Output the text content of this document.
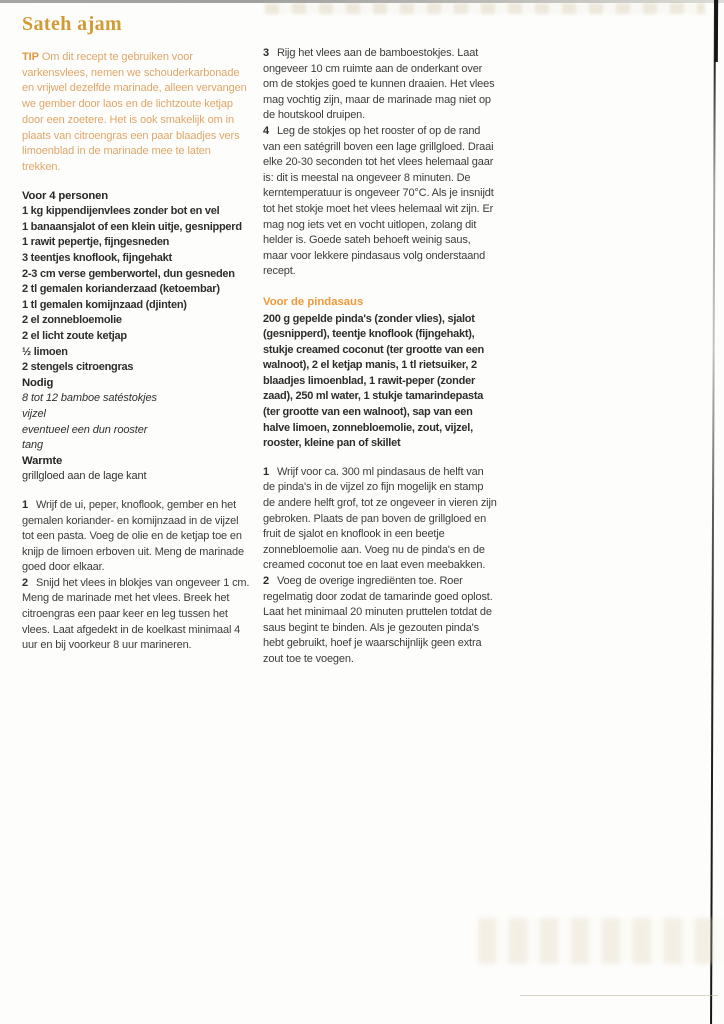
Sateh ajam
TIP Om dit recept te gebruiken voor varkensvlees, nemen we schouderkarbonade en vrijwel dezelfde marinade, alleen vervangen we gember door laos en de lichtzoute ketjap door een zoetere. Het is ook smakelijk om in plaats van citroengras een paar blaadjes vers limoenblad in de marinade mee te laten trekken.
Voor 4 personen
1 kg kippendijenvlees zonder bot en vel
1 banaansjalot of een klein uitje, gesnipperd
1 rawit pepertje, fijngesneden
3 teentjes knoflook, fijngehakt
2-3 cm verse gemberwortel, dun gesneden
2 tl gemalen korianderzaad (ketoembar)
1 tl gemalen komijnzaad (djinten)
2 el zonnebloemolie
2 el licht zoute ketjap
½ limoen
2 stengels citroengras
Nodig
8 tot 12 bamboe satéstokjes
vijzel
eventueel een dun rooster
tang
Warmte
grillgloed aan de lage kant

1 Wrijf de ui, peper, knoflook, gember en het gemalen koriander- en komijnzaad in de vijzel tot een pasta. Voeg de olie en de ketjap toe en knijp de limoen erboven uit. Meng de marinade goed door elkaar.

2 Snijd het vlees in blokjes van ongeveer 1 cm. Meng de marinade met het vlees. Breek het citroengras een paar keer en leg tussen het vlees. Laat afgedekt in de koelkast minimaal 4 uur en bij voorkeur 8 uur marineren.

3 Rijg het vlees aan de bamboestokjes. Laat ongeveer 10 cm ruimte aan de onderkant over om de stokjes goed te kunnen draaien. Het vlees mag vochtig zijn, maar de marinade mag niet op de houtskool druipen.

4 Leg de stokjes op het rooster of op de rand van een satégrill boven een lage grillgloed. Draai elke 20-30 seconden tot het vlees helemaal gaar is: dit is meestal na ongeveer 8 minuten. De kerntemperatuur is ongeveer 70°C. Als je insnijdt tot het stokje moet het vlees helemaal wit zijn. Er mag nog iets vet en vocht uitlopen, zolang dit helder is. Goede sateh behoeft weinig saus, maar voor lekkere pindasaus volg onderstaand recept.

Voor de pindasaus
200 g gepelde pinda's (zonder vlies), sjalot (gesnipperd), teentje knoflook (fijngehakt), stukje creamed coconut (ter grootte van een walnoot), 2 el ketjap manis, 1 tl rietsuiker, 2 blaadjes limoenblad, 1 rawit-peper (zonder zaad), 250 ml water, 1 stukje tamarindepasta (ter grootte van een walnoot), sap van een halve limoen, zonnebloemolie, zout, vijzel, rooster, kleine pan of skillet

1 Wrijf voor ca. 300 ml pindasaus de helft van de pinda's in de vijzel zo fijn mogelijk en stamp de andere helft grof, tot ze ongeveer in vieren zijn gebroken. Plaats de pan boven de grillgloed en fruit de sjalot en knoflook in een beetje zonnebloemolie aan. Voeg nu de pinda's en de creamed coconut toe en laat even meebakken.

2 Voeg de overige ingrediënten toe. Roer regelmatig door zodat de tamarinde goed oplost. Laat het minimaal 20 minuten pruttelen totdat de saus begint te binden. Als je gezouten pinda's hebt gebruikt, hoef je waarschijnlijk geen extra zout toe te voegen.
